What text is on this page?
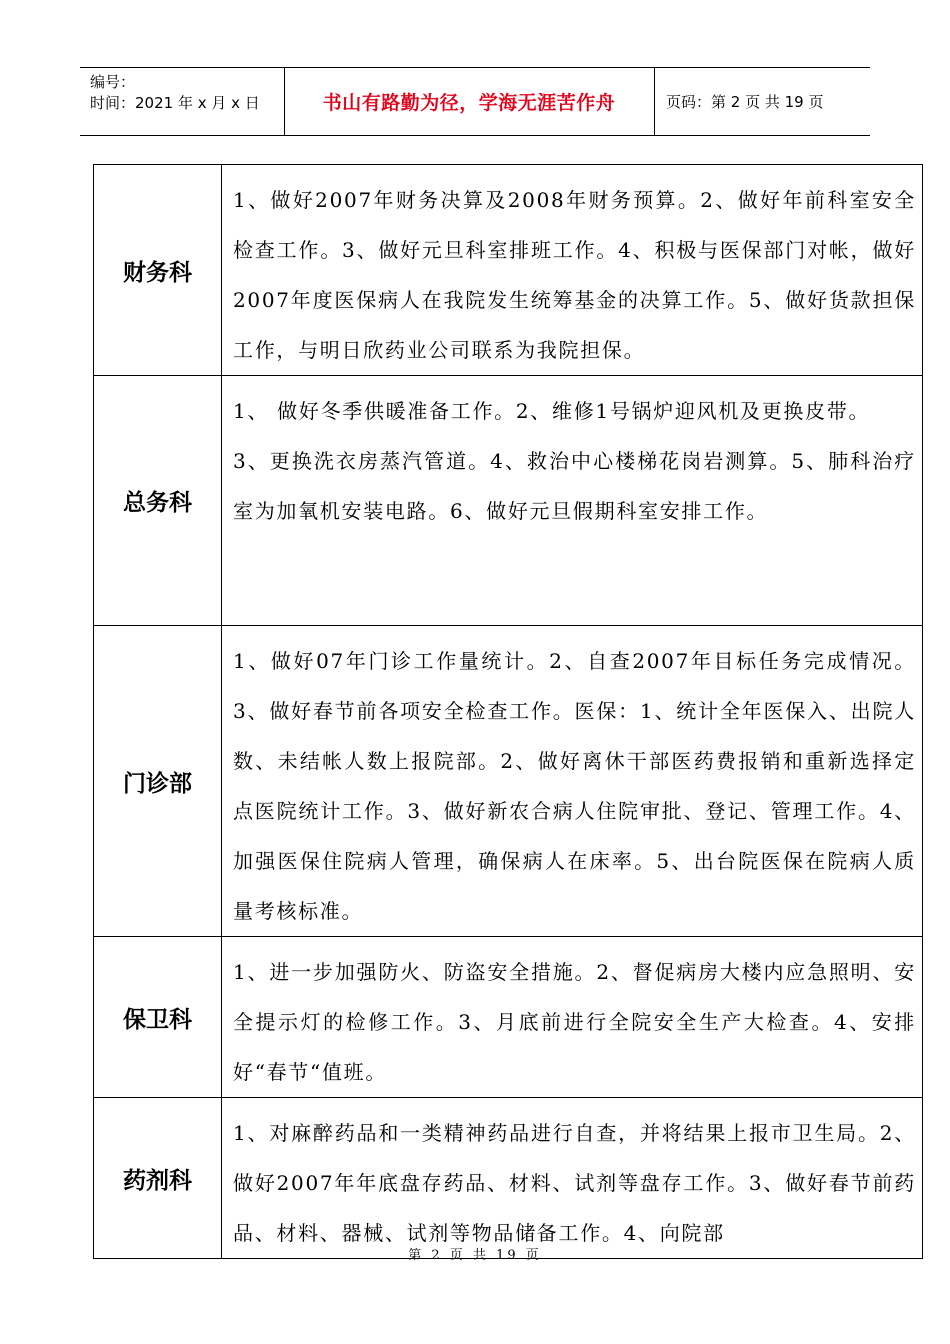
编号：
时间：2021 年 x 月 x 日	书山有路勤为径，学海无涯苦作舟	页码：第 2 页 共 19 页
财务科	1、做好2007年财务决算及2008年财务预算。2、做好年前科室安全检查工作。3、做好元旦科室排班工作。4、积极与医保部门对帐，做好2007年度医保病人在我院发生统筹基金的决算工作。5、做好货款担保工作，与明日欣药业公司联系为我院担保。
总务科	1、 做好冬季供暖准备工作。2、维修1号锅炉迎风机及更换皮带。
3、更换洗衣房蒸汽管道。4、救治中心楼梯花岗岩测算。5、肺科治疗室为加氧机安装电路。6、做好元旦假期科室安排工作。

门诊部	1、做好07年门诊工作量统计。2、自查2007年目标任务完成情况。3、做好春节前各项安全检查工作。医保：1、统计全年医保入、出院人数、未结帐人数上报院部。2、做好离休干部医药费报销和重新选择定点医院统计工作。3、做好新农合病人住院审批、登记、管理工作。4、加强医保住院病人管理，确保病人在床率。5、出台院医保在院病人质量考核标准。
保卫科	1、进一步加强防火、防盗安全措施。2、督促病房大楼内应急照明、安全提示灯的检修工作。3、月底前进行全院安全生产大检查。4、安排好“春节“值班。
药剂科	1、对麻醉药品和一类精神药品进行自查，并将结果上报市卫生局。2、做好2007年年底盘存药品、材料、试剂等盘存工作。3、做好春节前药品、材料、器械、试剂等物品储备工作。4、向院部
第 2 页 共 19 页
